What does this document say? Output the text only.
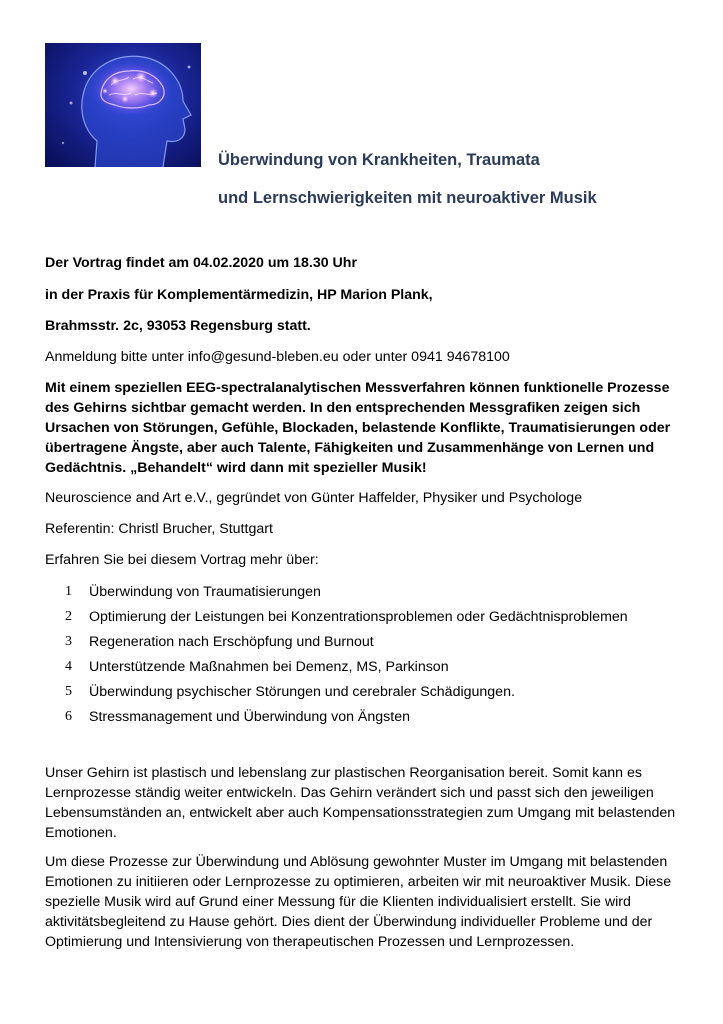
Überwindung von Krankheiten, Traumata
und Lernschwierigkeiten mit neuroaktiver Musik

Der Vortrag findet am 04.02.2020 um 18.30 Uhr

in der Praxis für Komplementärmedizin, HP Marion Plank,

Brahmsstr. 2c, 93053 Regensburg statt.

Anmeldung bitte unter info@gesund-bleben.eu oder unter 0941 94678100

Mit einem speziellen EEG-spectralanalytischen Messverfahren können funktionelle Prozesse des Gehirns sichtbar gemacht werden. In den entsprechenden Messgrafiken zeigen sich Ursachen von Störungen, Gefühle, Blockaden, belastende Konflikte, Traumatisierungen oder übertragene Ängste, aber auch Talente, Fähigkeiten und Zusammenhänge von Lernen und Gedächtnis. „Behandelt“ wird dann mit spezieller Musik!

Neuroscience and Art e.V., gegründet von Günter Haffelder, Physiker und Psychologe

Referentin: Christl Brucher, Stuttgart

Erfahren Sie bei diesem Vortrag mehr über:

1	Überwindung von Traumatisierungen
2	Optimierung der Leistungen bei Konzentrationsproblemen oder Gedächtnisproblemen
3	Regeneration nach Erschöpfung und Burnout
4	Unterstützende Maßnahmen bei Demenz, MS, Parkinson
5	Überwindung psychischer Störungen und cerebraler Schädigungen.
6	Stressmanagement und Überwindung von Ängsten

Unser Gehirn ist plastisch und lebenslang zur plastischen Reorganisation bereit. Somit kann es Lernprozesse ständig weiter entwickeln. Das Gehirn verändert sich und passt sich den jeweiligen Lebensumständen an, entwickelt aber auch Kompensationsstrategien zum Umgang mit belastenden Emotionen.

Um diese Prozesse zur Überwindung und Ablösung gewohnter Muster im Umgang mit belastenden Emotionen zu initiieren oder Lernprozesse zu optimieren, arbeiten wir mit neuroaktiver Musik. Diese spezielle Musik wird auf Grund einer Messung für die Klienten individualisiert erstellt. Sie wird aktivitätsbegleitend zu Hause gehört. Dies dient der Überwindung individueller Probleme und der Optimierung und Intensivierung von therapeutischen Prozessen und Lernprozessen.
